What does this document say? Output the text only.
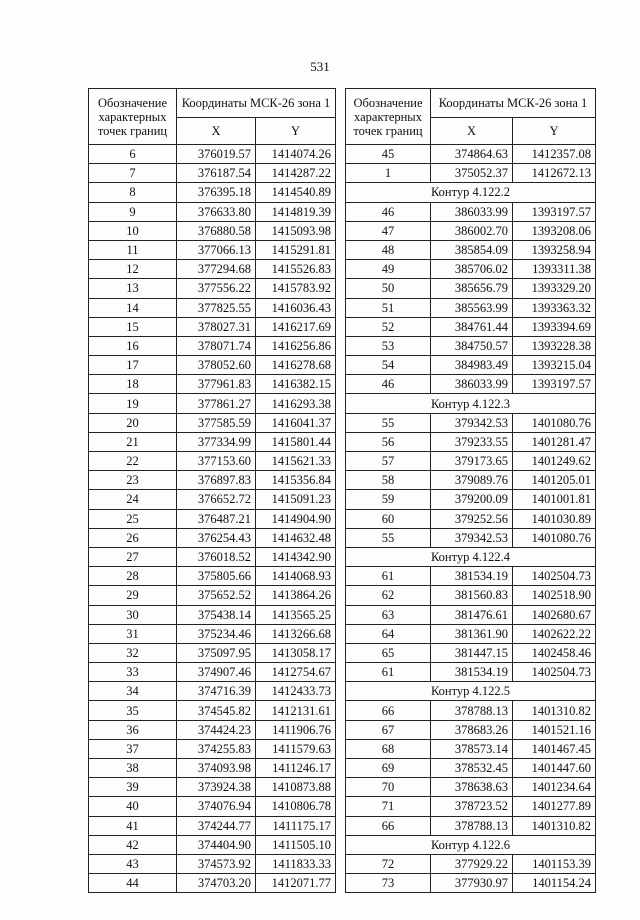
531
Обозначение характерных точек границ	Координаты МСК-26 зона 1	
	X	Y
6	376019.57	1414074.26
7	376187.54	1414287.22
8	376395.18	1414540.89
9	376633.80	1414819.39
10	376880.58	1415093.98
11	377066.13	1415291.81
12	377294.68	1415526.83
13	377556.22	1415783.92
14	377825.55	1416036.43
15	378027.31	1416217.69
16	378071.74	1416256.86
17	378052.60	1416278.68
18	377961.83	1416382.15
19	377861.27	1416293.38
20	377585.59	1416041.37
21	377334.99	1415801.44
22	377153.60	1415621.33
23	376897.83	1415356.84
24	376652.72	1415091.23
25	376487.21	1414904.90
26	376254.43	1414632.48
27	376018.52	1414342.90
28	375805.66	1414068.93
29	375652.52	1413864.26
30	375438.14	1413565.25
31	375234.46	1413266.68
32	375097.95	1413058.17
33	374907.46	1412754.67
34	374716.39	1412433.73
35	374545.82	1412131.61
36	374424.23	1411906.76
37	374255.83	1411579.63
38	374093.98	1411246.17
39	373924.38	1410873.88
40	374076.94	1410806.78
41	374244.77	1411175.17
42	374404.90	1411505.10
43	374573.92	1411833.33
44	374703.20	1412071.77
Обозначение характерных точек границ	Координаты МСК-26 зона 1	
	X	Y
45	374864.63	1412357.08
1	375052.37	1412672.13
Контур 4.122.2		
46	386033.99	1393197.57
47	386002.70	1393208.06
48	385854.09	1393258.94
49	385706.02	1393311.38
50	385656.79	1393329.20
51	385563.99	1393363.32
52	384761.44	1393394.69
53	384750.57	1393228.38
54	384983.49	1393215.04
46	386033.99	1393197.57
Контур 4.122.3		
55	379342.53	1401080.76
56	379233.55	1401281.47
57	379173.65	1401249.62
58	379089.76	1401205.01
59	379200.09	1401001.81
60	379252.56	1401030.89
55	379342.53	1401080.76
Контур 4.122.4		
61	381534.19	1402504.73
62	381560.83	1402518.90
63	381476.61	1402680.67
64	381361.90	1402622.22
65	381447.15	1402458.46
61	381534.19	1402504.73
Контур 4.122.5		
66	378788.13	1401310.82
67	378683.26	1401521.16
68	378573.14	1401467.45
69	378532.45	1401447.60
70	378638.63	1401234.64
71	378723.52	1401277.89
66	378788.13	1401310.82
Контур 4.122.6		
72	377929.22	1401153.39
73	377930.97	1401154.24
